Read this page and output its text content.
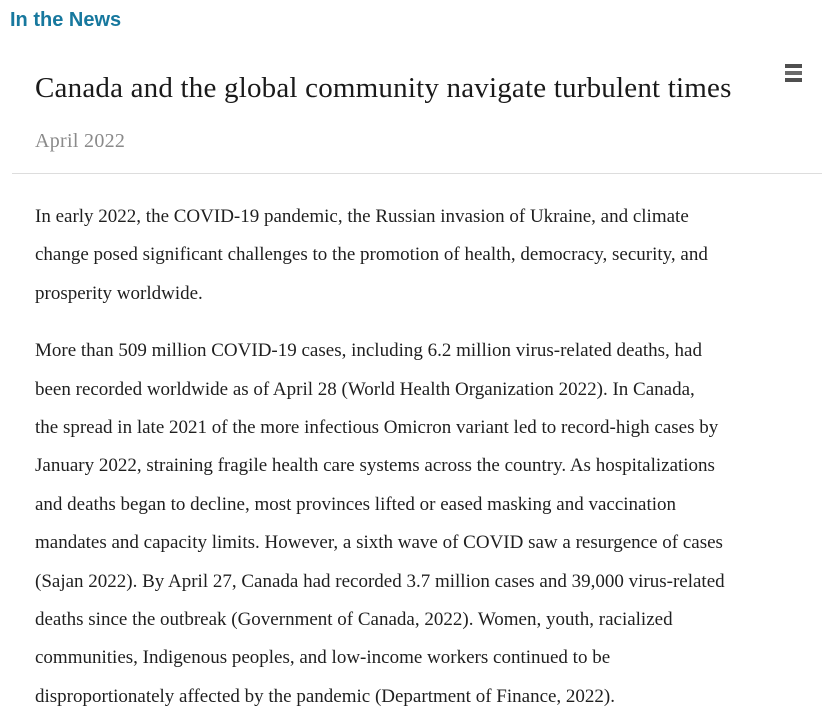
In the News
Canada and the global community navigate turbulent times
April 2022
In early 2022, the COVID-19 pandemic, the Russian invasion of Ukraine, and climate
change posed significant challenges to the promotion of health, democracy, security, and
prosperity worldwide.
More than 509 million COVID-19 cases, including 6.2 million virus-related deaths, had
been recorded worldwide as of April 28 (World Health Organization 2022). In Canada,
the spread in late 2021 of the more infectious Omicron variant led to record-high cases by
January 2022, straining fragile health care systems across the country. As hospitalizations
and deaths began to decline, most provinces lifted or eased masking and vaccination
mandates and capacity limits. However, a sixth wave of COVID saw a resurgence of cases
(Sajan 2022). By April 27, Canada had recorded 3.7 million cases and 39,000 virus-related
deaths since the outbreak (Government of Canada, 2022). Women, youth, racialized
communities, Indigenous peoples, and low-income workers continued to be
disproportionately affected by the pandemic (Department of Finance, 2022).
